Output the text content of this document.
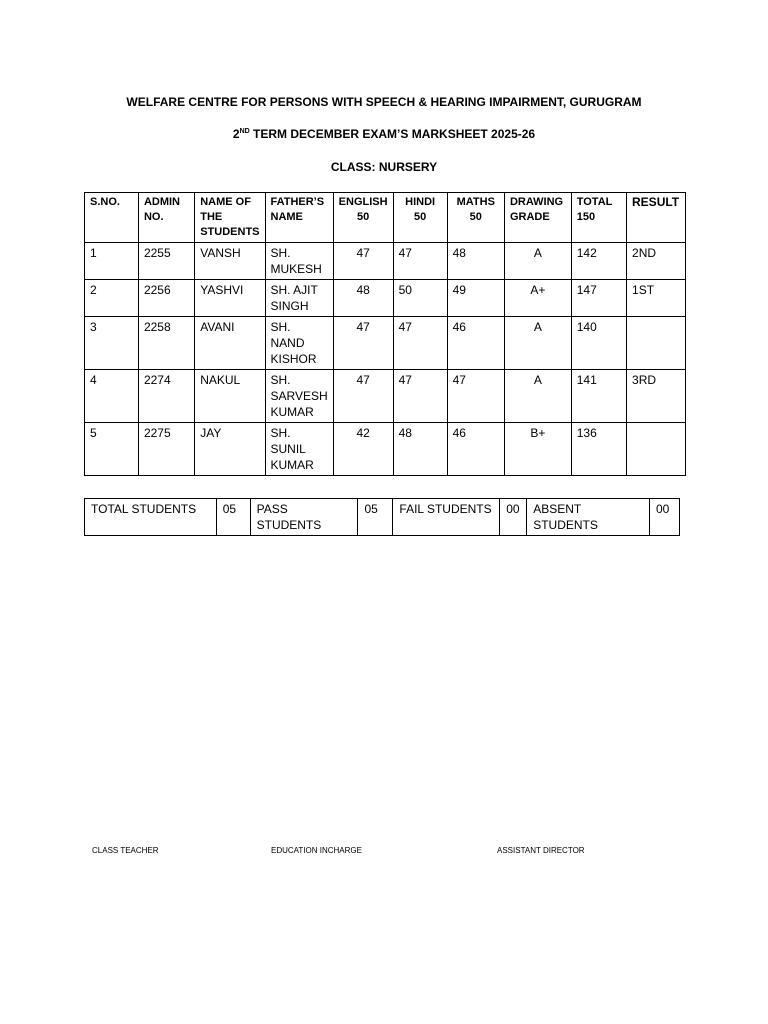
WELFARE CENTRE FOR PERSONS WITH SPEECH & HEARING IMPAIRMENT, GURUGRAM
2ND TERM DECEMBER EXAM’S MARKSHEET 2025-26
CLASS: NURSERY
S.NO.	ADMIN NO.	NAME OF THE STUDENTS	FATHER’S NAME	ENGLISH 50	HINDI 50	MATHS 50	DRAWING GRADE	TOTAL 150	RESULT
1	2255	VANSH	SH. MUKESH	47	47	48	A	142	2ND
2	2256	YASHVI	SH. AJIT SINGH	48	50	49	A+	147	1ST
3	2258	AVANI	SH. NAND KISHOR	47	47	46	A	140	
4	2274	NAKUL	SH. SARVESH KUMAR	47	47	47	A	141	3RD
5	2275	JAY	SH. SUNIL KUMAR	42	48	46	B+	136	
TOTAL STUDENTS	05	PASS STUDENTS	05	FAIL STUDENTS	00	ABSENT STUDENTS	00
CLASS TEACHER	EDUCATION INCHARGE	ASSISTANT DIRECTOR
